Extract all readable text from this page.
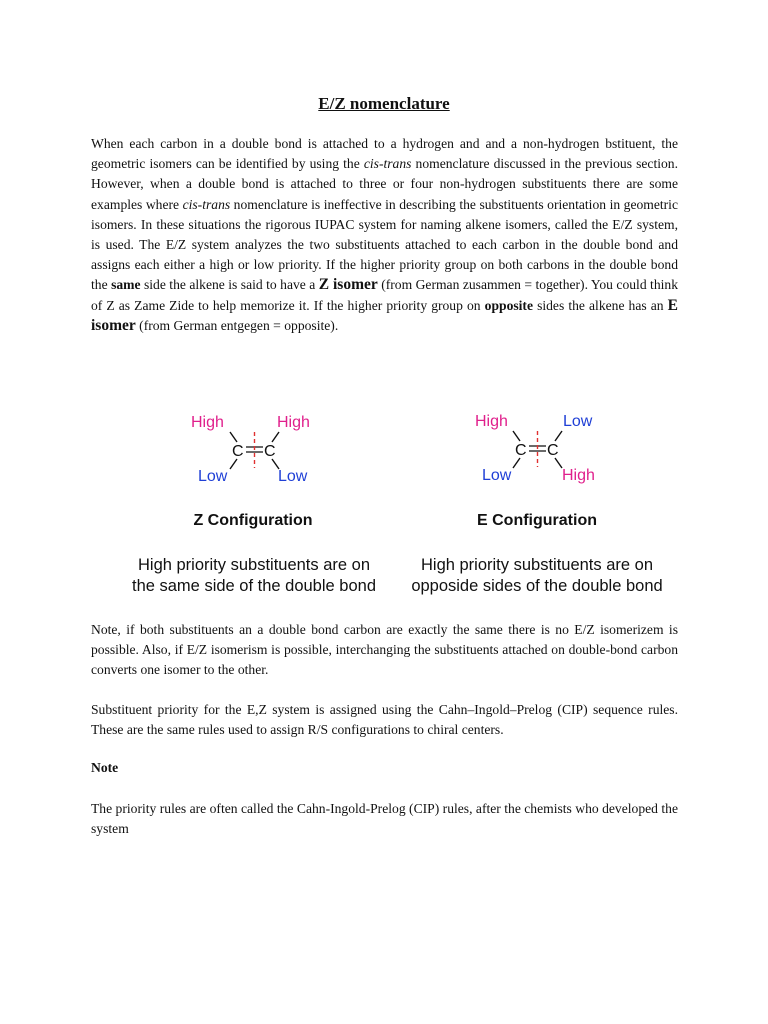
E/Z nomenclature

When each carbon in a double bond is attached to a hydrogen and and a non-hydrogen bstituent, the geometric isomers can be identified by using the cis-trans nomenclature discussed in the previous section. However, when a double bond is attached to three or four non-hydrogen substituents there are some examples where cis-trans nomenclature is ineffective in describing the substituents orientation in geometric isomers. In these situations the rigorous IUPAC system for naming alkene isomers, called the E/Z system, is used. The E/Z system analyzes the two substituents attached to each carbon in the double bond and assigns each either a high or low priority. If the higher priority group on both carbons in the double bond the same side the alkene is said to have a Z isomer (from German zusammen = together). You could think of Z as Zame Zide to help memorize it. If the higher priority group on opposite sides the alkene has an E isomer (from German entgegen = opposite).

High	High
C C
Low	Low
High	Low
C C
Low	High
Z Configuration	E Configuration
High priority substituents are on
the same side of the double bond
High priority substituents are on
opposide sides of the double bond

Note, if both substituents an a double bond carbon are exactly the same there is no E/Z isomerizem is possible. Also, if E/Z isomerism is possible, interchanging the substituents attached on double-bond carbon converts one isomer to the other.

Substituent priority for the E,Z system is assigned using the Cahn–Ingold–Prelog (CIP) sequence rules. These are the same rules used to assign R/S configurations to chiral centers.

Note

The priority rules are often called the Cahn-Ingold-Prelog (CIP) rules, after the chemists who developed the system
